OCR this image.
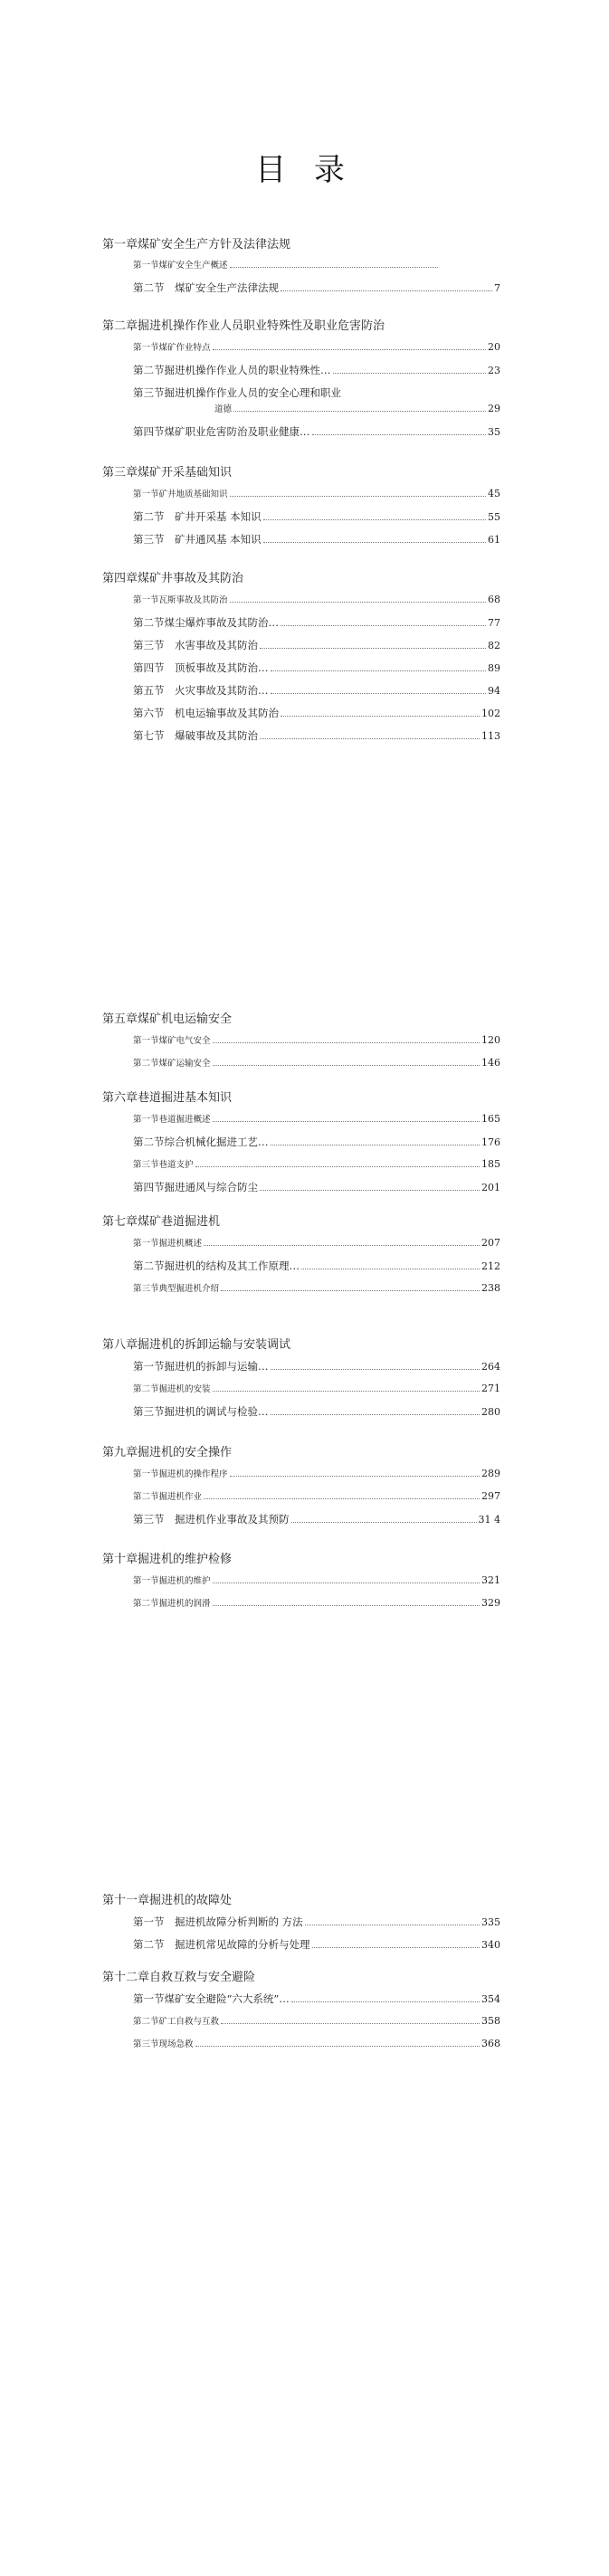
目 录
第一章煤矿安全生产方针及法律法规
第一节煤矿安全生产概述
第二节　煤矿安全生产法律法规	7
第二章掘进机操作作业人员职业特殊性及职业危害防治
第一节煤矿作业特点	20
第二节掘进机操作作业人员的职业特殊性…	23
第三节掘进机操作作业人员的安全心理和职业
道德	29
第四节煤矿职业危害防治及职业健康…	35
第三章煤矿开采基础知识
第一节矿井地质基础知识	45
第二节　矿井开采基 本知识	55
第三节　矿井通风基 本知识	61
第四章煤矿井事故及其防治
第一节瓦斯事故及其防治	68
第二节煤尘爆炸事故及其防治…	77
第三节　水害事故及其防治	82
第四节　顶板事故及其防治…	89
第五节　火灾事故及其防治…	94
第六节　机电运输事故及其防治	102
第七节　爆破事故及其防治	113
第五章煤矿机电运输安全
第一节煤矿电气安全	120
第二节煤矿运输安全	146
第六章巷道掘进基本知识
第一节巷道掘进概述	165
第二节综合机械化掘进工艺…	176
第三节巷道支护	185
第四节掘进通风与综合防尘	201
第七章煤矿巷道掘进机
第一节掘进机概述	207
第二节掘进机的结构及其工作原理…	212
第三节典型掘进机介绍	238
第八章掘进机的拆卸运输与安装调试
第一节掘进机的拆卸与运输…	264
第二节掘进机的安装	271
第三节掘进机的调试与检验…	280
第九章掘进机的安全操作
第一节掘进机的操作程序	289
第二节掘进机作业	297
第三节　掘进机作业事故及其预防	31 4
第十章掘进机的维护检修
第一节掘进机的维护	321
第二节掘进机的润滑	329
第十一章掘进机的故障处
第一节　掘进机故障分析判断的 方法	335
第二节　掘进机常见故障的分析与处理	340
第十二章自救互救与安全避险
第一节煤矿安全避险“六大系统”…	354
第二节矿工自救与互救	358
第三节现场急救	368
